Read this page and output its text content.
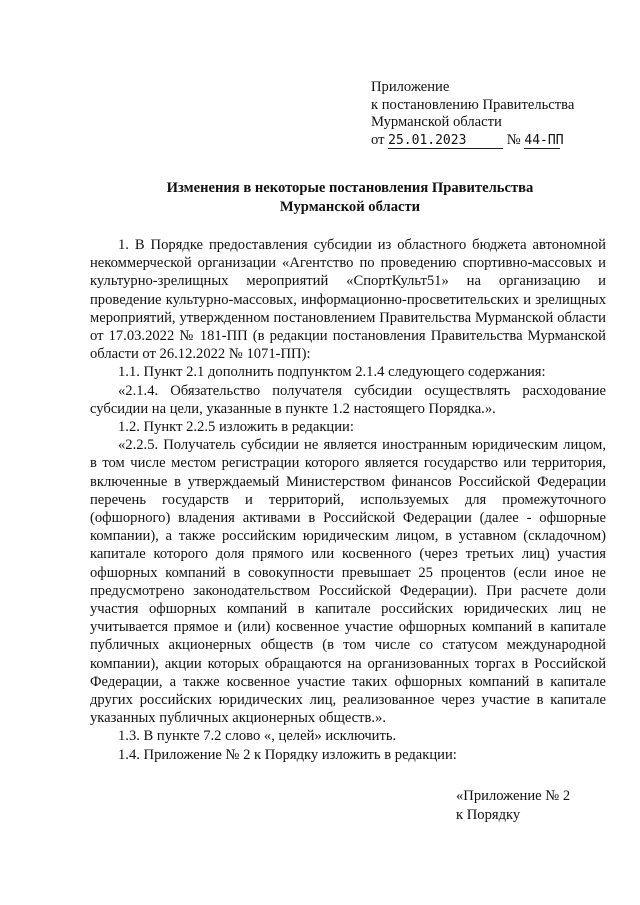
Приложение
к постановлению Правительства
Мурманской области
от 25.01.2023	№ 44-ПП
Изменения в некоторые постановления Правительства
Мурманской области

1. В Порядке предоставления субсидии из областного бюджета автономной некоммерческой организации «Агентство по проведению спортивно-массовых и культурно-зрелищных мероприятий «СпортКульт51» на организацию и проведение культурно-массовых, информационно-просветительских и зрелищных мероприятий, утвержденном постановлением Правительства Мурманской области от 17.03.2022 № 181-ПП (в редакции постановления Правительства Мурманской области от 26.12.2022 № 1071-ПП):

1.1. Пункт 2.1 дополнить подпунктом 2.1.4 следующего содержания:

«2.1.4. Обязательство получателя субсидии осуществлять расходование субсидии на цели, указанные в пункте 1.2 настоящего Порядка.».

1.2. Пункт 2.2.5 изложить в редакции:

«2.2.5. Получатель субсидии не является иностранным юридическим лицом, в том числе местом регистрации которого является государство или территория, включенные в утверждаемый Министерством финансов Российской Федерации перечень государств и территорий, используемых для промежуточного (офшорного) владения активами в Российской Федерации (далее - офшорные компании), а также российским юридическим лицом, в уставном (складочном) капитале которого доля прямого или косвенного (через третьих лиц) участия офшорных компаний в совокупности превышает 25 процентов (если иное не предусмотрено законодательством Российской Федерации). При расчете доли участия офшорных компаний в капитале российских юридических лиц не учитывается прямое и (или) косвенное участие офшорных компаний в капитале публичных акционерных обществ (в том числе со статусом международной компании), акции которых обращаются на организованных торгах в Российской Федерации, а также косвенное участие таких офшорных компаний в капитале других российских юридических лиц, реализованное через участие в капитале указанных публичных акционерных обществ.».

1.3. В пункте 7.2 слово «, целей» исключить.

1.4. Приложение № 2 к Порядку изложить в редакции:

«Приложение № 2
к Порядку
